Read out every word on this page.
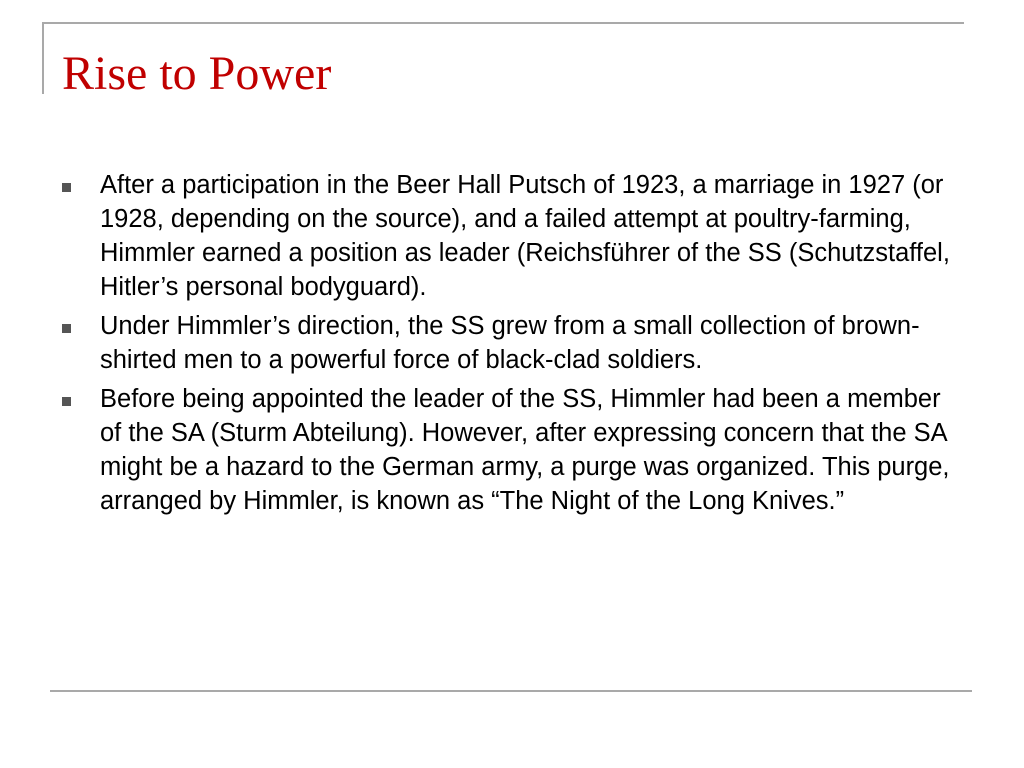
Rise to Power
After a participation in the Beer Hall Putsch of 1923, a marriage in 1927 (or 1928, depending on the source), and a failed attempt at poultry-farming, Himmler earned a position as leader (Reichsführer of the SS (Schutzstaffel, Hitler’s personal bodyguard).
Under Himmler’s direction, the SS grew from a small collection of brown-shirted men to a powerful force of black-clad soldiers.
Before being appointed the leader of the SS, Himmler had been a member of the SA (Sturm Abteilung). However, after expressing concern that the SA might be a hazard to the German army, a purge was organized. This purge, arranged by Himmler, is known as “The Night of the Long Knives.”
